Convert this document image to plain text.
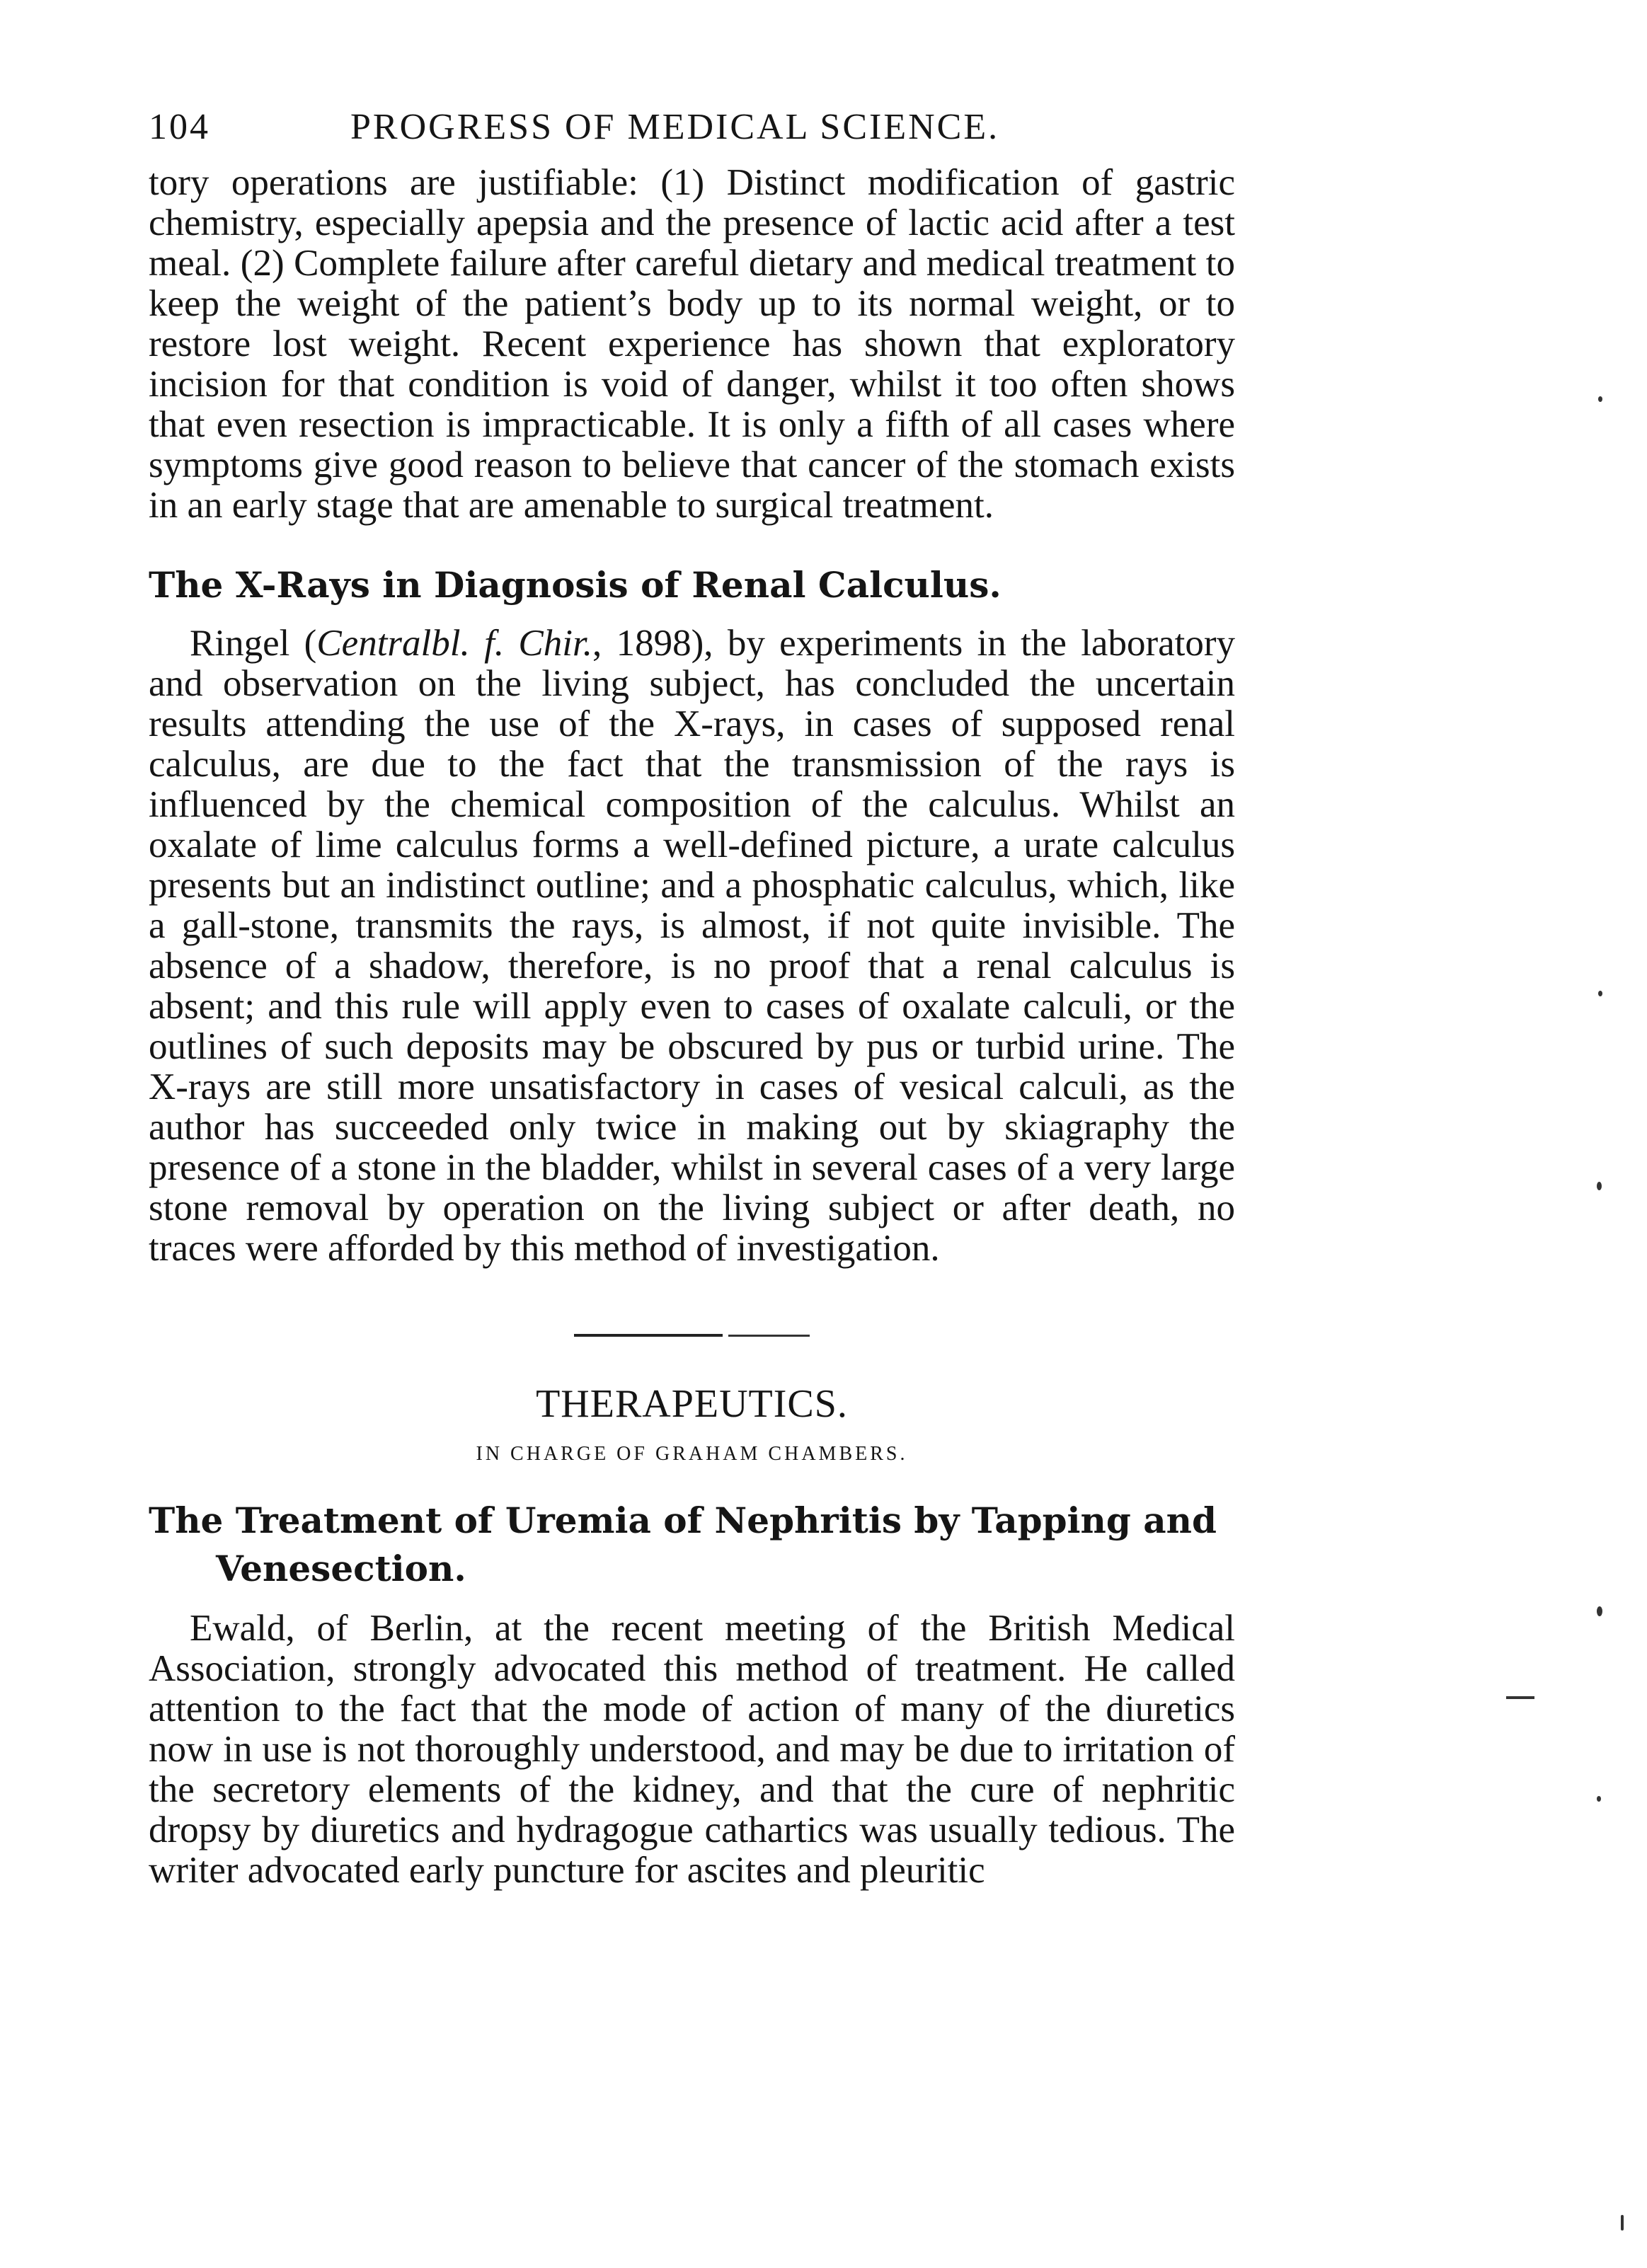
104	PROGRESS OF MEDICAL SCIENCE.

tory operations are justifiable: (1) Distinct modification of gastric chemistry, especially apepsia and the presence of lactic acid after a test meal. (2) Complete failure after careful dietary and medical treatment to keep the weight of the patient’s body up to its normal weight, or to restore lost weight. Recent experience has shown that exploratory incision for that condition is void of danger, whilst it too often shows that even resection is impracticable. It is only a fifth of all cases where symptoms give good reason to believe that cancer of the stomach exists in an early stage that are amenable to surgical treatment.

The X-Rays in Diagnosis of Renal Calculus.

Ringel (Centralbl. f. Chir., 1898), by experiments in the laboratory and observation on the living subject, has concluded the uncertain results attending the use of the X-rays, in cases of supposed renal calculus, are due to the fact that the transmission of the rays is influenced by the chemical composition of the calculus. Whilst an oxalate of lime calculus forms a well-defined picture, a urate calculus presents but an indistinct outline; and a phosphatic calculus, which, like a gall-stone, transmits the rays, is almost, if not quite invisible. The absence of a shadow, therefore, is no proof that a renal calculus is absent; and this rule will apply even to cases of oxalate calculi, or the outlines of such deposits may be obscured by pus or turbid urine. The X-rays are still more unsatisfactory in cases of vesical calculi, as the author has succeeded only twice in making out by skiagraphy the presence of a stone in the bladder, whilst in several cases of a very large stone removal by operation on the living subject or after death, no traces were afforded by this method of investigation.

THERAPEUTICS.
IN CHARGE OF GRAHAM CHAMBERS.
The Treatment of Uremia of Nephritis by Tapping and Venesection.

Ewald, of Berlin, at the recent meeting of the British Medical Association, strongly advocated this method of treatment. He called attention to the fact that the mode of action of many of the diuretics now in use is not thoroughly understood, and may be due to irritation of the secretory elements of the kidney, and that the cure of nephritic dropsy by diuretics and hydragogue cathartics was usually tedious. The writer advocated early puncture for ascites and pleuritic
